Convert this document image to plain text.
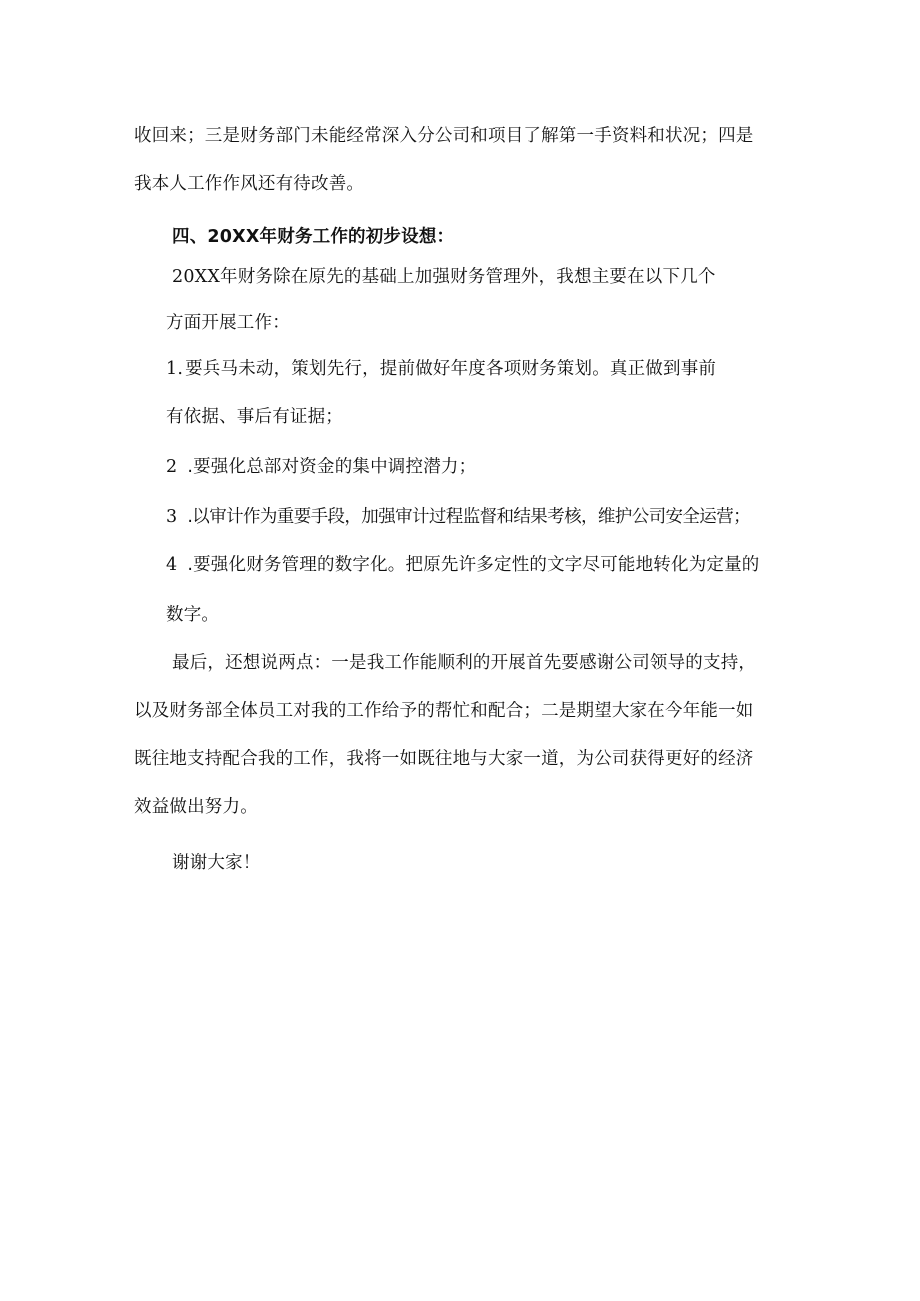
收回来；三是财务部门未能经常深入分公司和项目了解第一手资料和状况；四是
我本人工作作风还有待改善。
四、20XX年财务工作的初步设想：
20XX年财务除在原先的基础上加强财务管理外，我想主要在以下几个
方面开展工作：
1. 要兵马未动，策划先行，提前做好年度各项财务策划。真正做到事前
有依据、事后有证据；
2 .要强化总部对资金的集中调控潜力；
3 .以审计作为重要手段，加强审计过程监督和结果考核，维护公司安全运营；
4 .要强化财务管理的数字化。把原先许多定性的文字尽可能地转化为定量的
数字。
最后，还想说两点：一是我工作能顺利的开展首先要感谢公司领导的支持，
以及财务部全体员工对我的工作给予的帮忙和配合；二是期望大家在今年能一如
既往地支持配合我的工作，我将一如既往地与大家一道，为公司获得更好的经济
效益做出努力。
谢谢大家！
